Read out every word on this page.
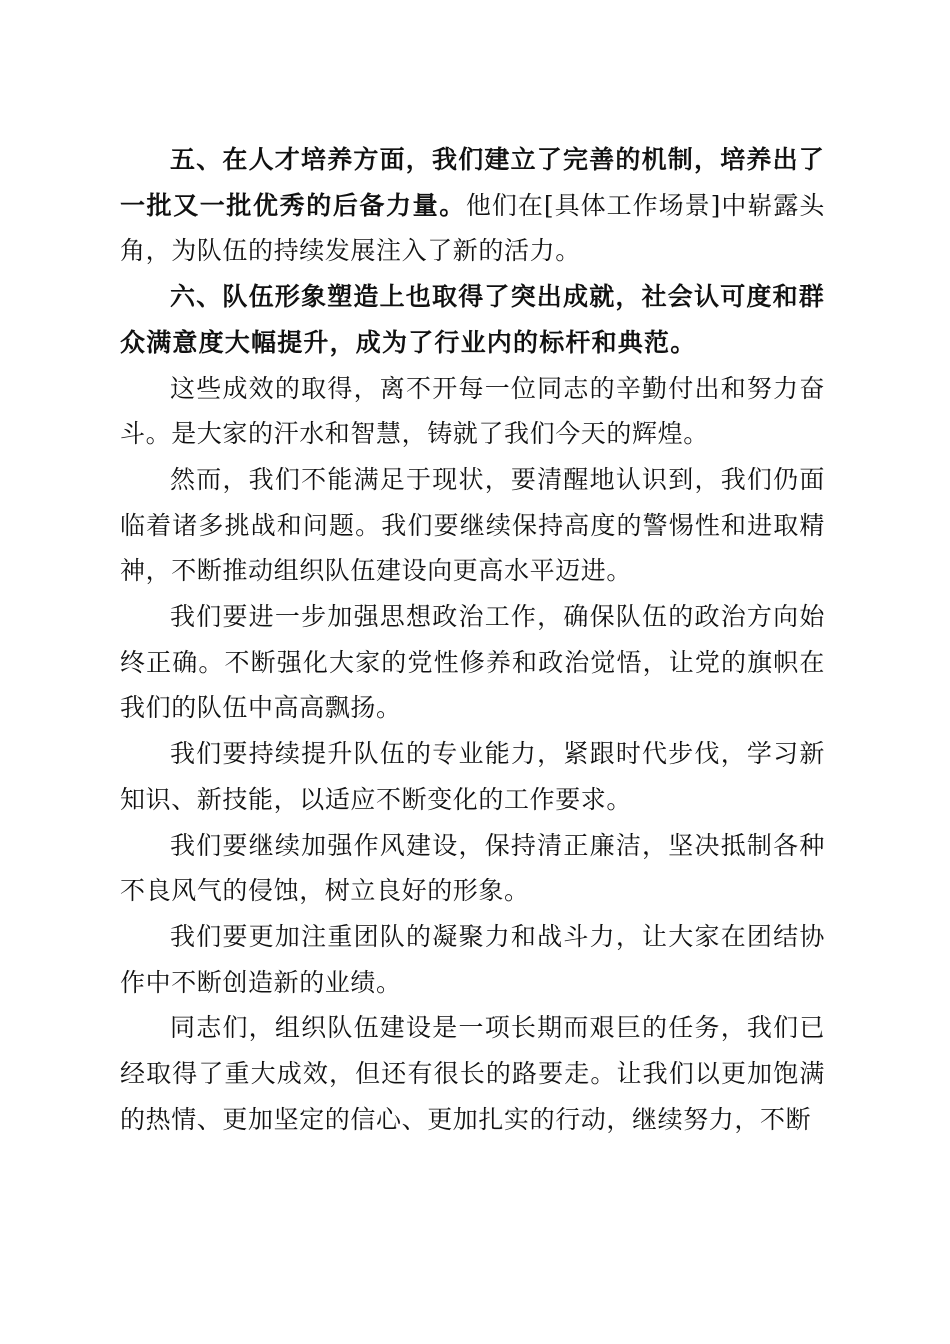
五、在人才培养方面，我们建立了完善的机制，培养出了一批又一批优秀的后备力量。他们在[具体工作场景]中崭露头角，为队伍的持续发展注入了新的活力。

六、队伍形象塑造上也取得了突出成就，社会认可度和群众满意度大幅提升，成为了行业内的标杆和典范。

这些成效的取得，离不开每一位同志的辛勤付出和努力奋斗。是大家的汗水和智慧，铸就了我们今天的辉煌。

然而，我们不能满足于现状，要清醒地认识到，我们仍面临着诸多挑战和问题。我们要继续保持高度的警惕性和进取精神，不断推动组织队伍建设向更高水平迈进。

我们要进一步加强思想政治工作，确保队伍的政治方向始终正确。不断强化大家的党性修养和政治觉悟，让党的旗帜在我们的队伍中高高飘扬。

我们要持续提升队伍的专业能力，紧跟时代步伐，学习新知识、新技能，以适应不断变化的工作要求。

我们要继续加强作风建设，保持清正廉洁，坚决抵制各种不良风气的侵蚀，树立良好的形象。

我们要更加注重团队的凝聚力和战斗力，让大家在团结协作中不断创造新的业绩。

同志们，组织队伍建设是一项长期而艰巨的任务，我们已经取得了重大成效，但还有很长的路要走。让我们以更加饱满的热情、更加坚定的信心、更加扎实的行动，继续努力，不断
